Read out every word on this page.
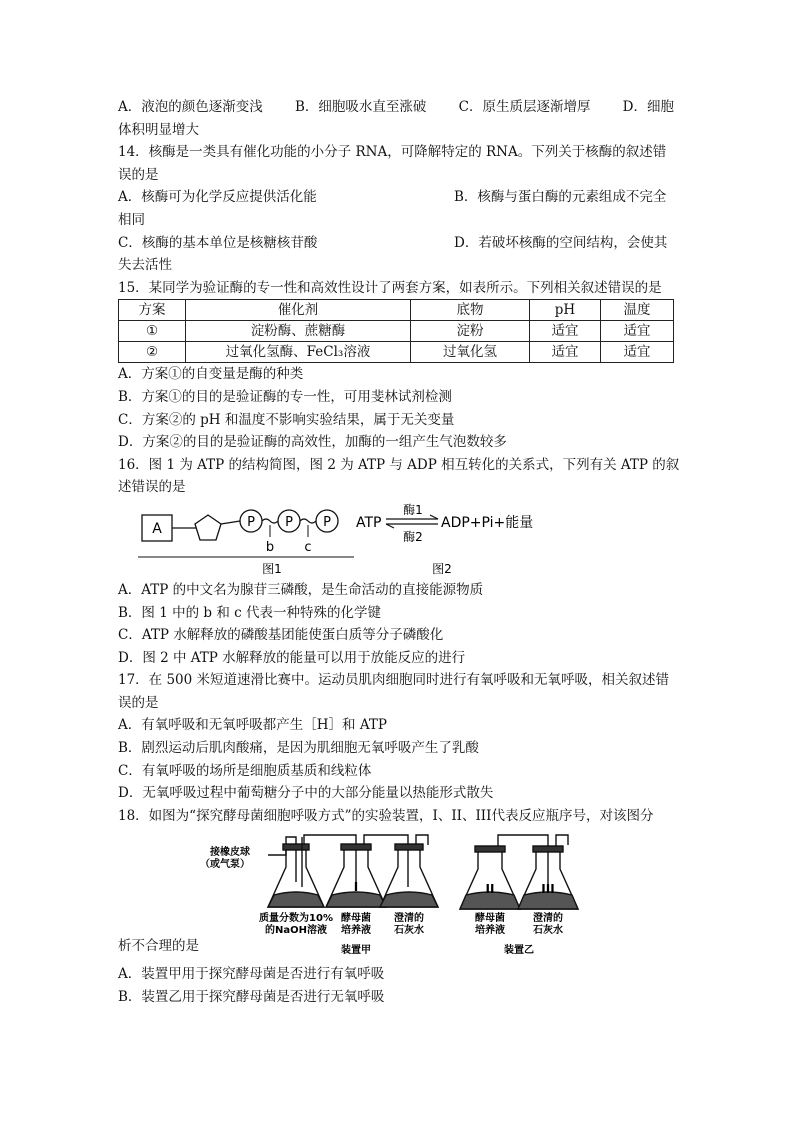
A．液泡的颜色逐渐变浅 B．细胞吸水直至涨破 C．原生质层逐渐增厚 D．细胞
体积明显增大
14．核酶是一类具有催化功能的小分子 RNA，可降解特定的 RNA。下列关于核酶的叙述错
误的是
A．核酶可为化学反应提供活化能	B．核酶与蛋白酶的元素组成不完全
相同
C．核酶的基本单位是核糖核苷酸	D．若破坏核酶的空间结构，会使其
失去活性
15．某同学为验证酶的专一性和高效性设计了两套方案，如表所示。下列相关叙述错误的是
方案	催化剂	底物	pH	温度
①	淀粉酶、蔗糖酶	淀粉	适宜	适宜
②	过氧化氢酶、FeCl₃溶液	过氧化氢	适宜	适宜
A．方案①的自变量是酶的种类
B．方案①的目的是验证酶的专一性，可用斐林试剂检测
C．方案②的 pH 和温度不影响实验结果，属于无关变量
D．方案②的目的是验证酶的高效性，加酶的一组产生气泡数较多
16．图 1 为 ATP 的结构简图，图 2 为 ATP 与 ADP 相互转化的关系式，下列有关 ATP 的叙
述错误的是
A	P P P
b c
图1
ATP
酶1
酶2
ADP+Pi+能量
图2
A．ATP 的中文名为腺苷三磷酸，是生命活动的直接能源物质
B．图 1 中的 b 和 c 代表一种特殊的化学键
C．ATP 水解释放的磷酸基团能使蛋白质等分子磷酸化
D．图 2 中 ATP 水解释放的能量可以用于放能反应的进行
17．在 500 米短道速滑比赛中。运动员肌肉细胞同时进行有氧呼吸和无氧呼吸，相关叙述错
误的是
A．有氧呼吸和无氧呼吸都产生［H］和 ATP
B．剧烈运动后肌肉酸痛，是因为肌细胞无氧呼吸产生了乳酸
C．有氧呼吸的场所是细胞质基质和线粒体
D．无氧呼吸过程中葡萄糖分子中的大部分能量以热能形式散失
18．如图为“探究酵母菌细胞呼吸方式”的实验装置，I、II、III代表反应瓶序号，对该图分
I
接橡皮球
（或气泵）
质量分数为10%
的NaOH溶液
酵母菌
培养液
澄清的
石灰水
装置甲
II	III
酵母菌
培养液
澄清的
石灰水
装置乙
析不合理的是
A．装置甲用于探究酵母菌是否进行有氧呼吸
B．装置乙用于探究酵母菌是否进行无氧呼吸
